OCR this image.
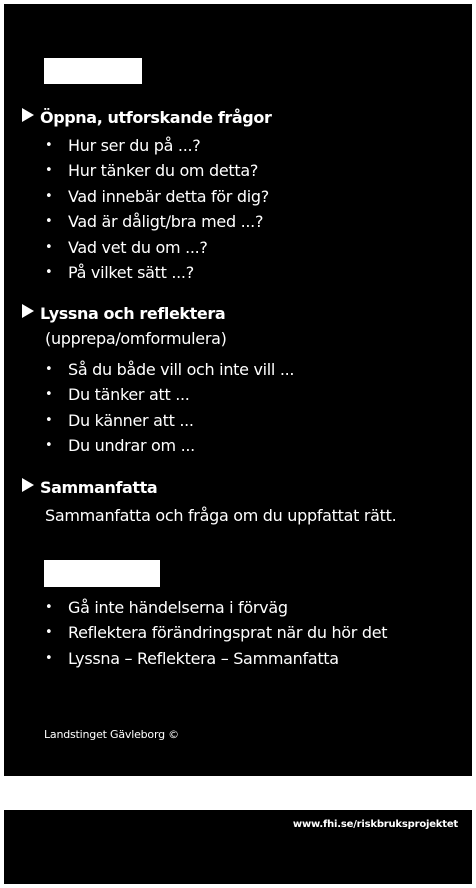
Öppna, utforskande frågor
• Hur ser du på ...?
• Hur tänker du om detta?
• Vad innebär detta för dig?
• Vad är dåligt/bra med ...?
• Vad vet du om ...?
• På vilket sätt ...?
Lyssna och reflektera
(upprepa/omformulera)
• Så du både vill och inte vill ...
• Du tänker att ...
• Du känner att ...
• Du undrar om ...
Sammanfatta
Sammanfatta och fråga om du uppfattat rätt.
• Gå inte händelserna i förväg
• Reflektera förändringsprat när du hör det
• Lyssna – Reflektera – Sammanfatta
Landstinget Gävleborg ©
www.fhi.se/riskbruksprojektet
